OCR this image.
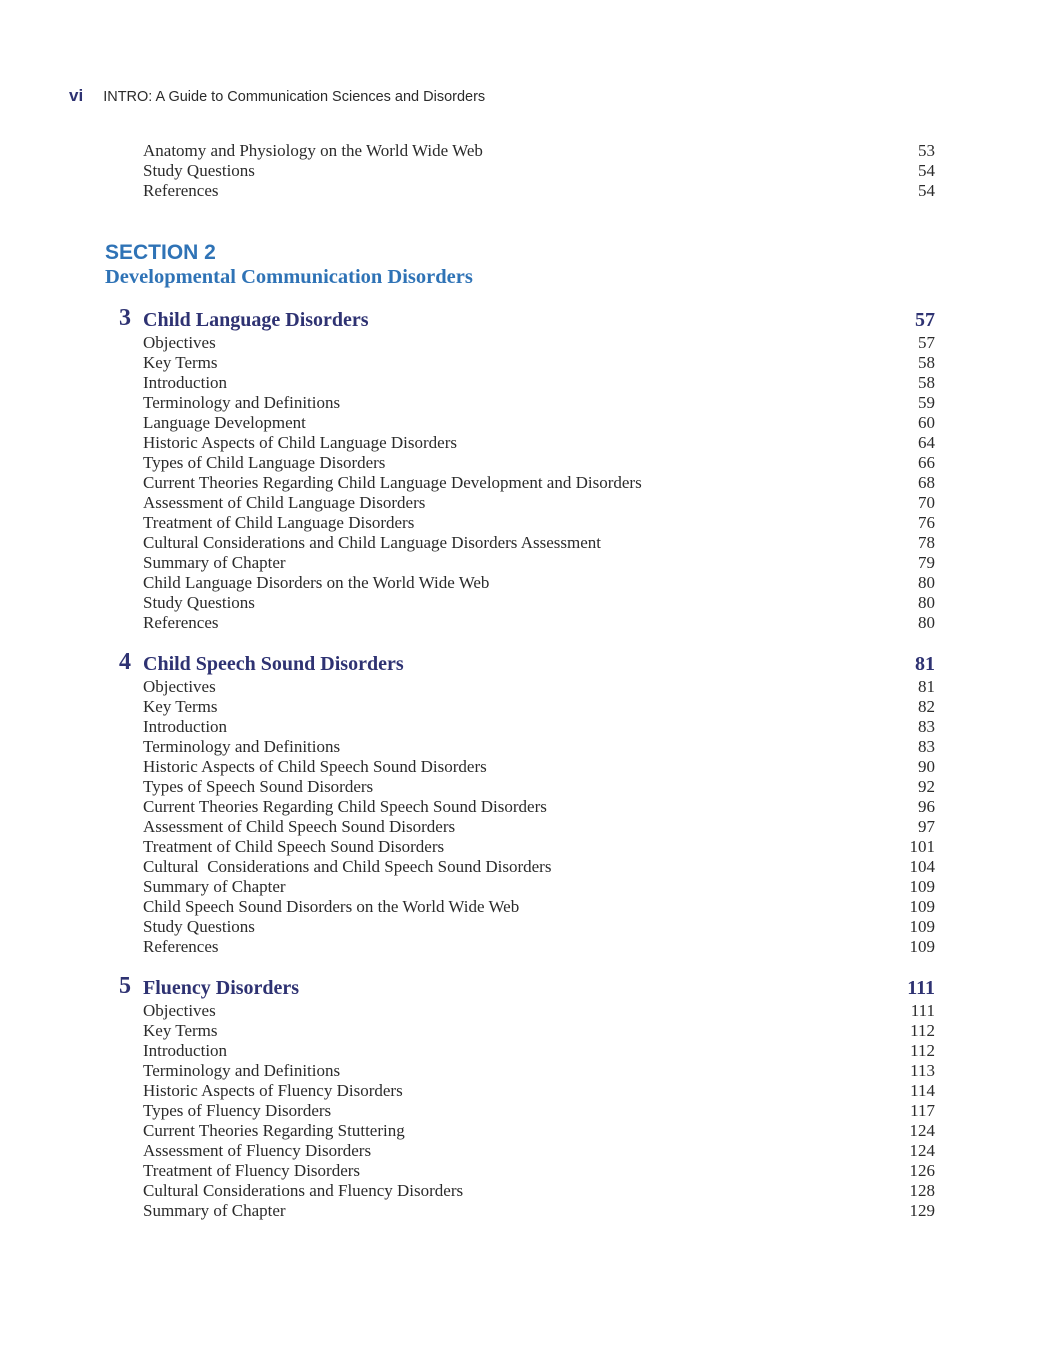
vi INTRO: A Guide to Communication Sciences and Disorders
Anatomy and Physiology on the World Wide Web	53
Study Questions	54
References	54
SECTION 2
Developmental Communication Disorders
3 Child Language Disorders	57
Objectives	57
Key Terms	58
Introduction	58
Terminology and Definitions	59
Language Development	60
Historic Aspects of Child Language Disorders	64
Types of Child Language Disorders	66
Current Theories Regarding Child Language Development and Disorders	68
Assessment of Child Language Disorders	70
Treatment of Child Language Disorders	76
Cultural Considerations and Child Language Disorders Assessment	78
Summary of Chapter	79
Child Language Disorders on the World Wide Web	80
Study Questions	80
References	80
4 Child Speech Sound Disorders	81
Objectives	81
Key Terms	82
Introduction	83
Terminology and Definitions	83
Historic Aspects of Child Speech Sound Disorders	90
Types of Speech Sound Disorders	92
Current Theories Regarding Child Speech Sound Disorders	96
Assessment of Child Speech Sound Disorders	97
Treatment of Child Speech Sound Disorders	101
Cultural  Considerations and Child Speech Sound Disorders	104
Summary of Chapter	109
Child Speech Sound Disorders on the World Wide Web	109
Study Questions	109
References	109
5 Fluency Disorders	111
Objectives	111
Key Terms	112
Introduction	112
Terminology and Definitions	113
Historic Aspects of Fluency Disorders	114
Types of Fluency Disorders	117
Current Theories Regarding Stuttering	124
Assessment of Fluency Disorders	124
Treatment of Fluency Disorders	126
Cultural Considerations and Fluency Disorders	128
Summary of Chapter	129
